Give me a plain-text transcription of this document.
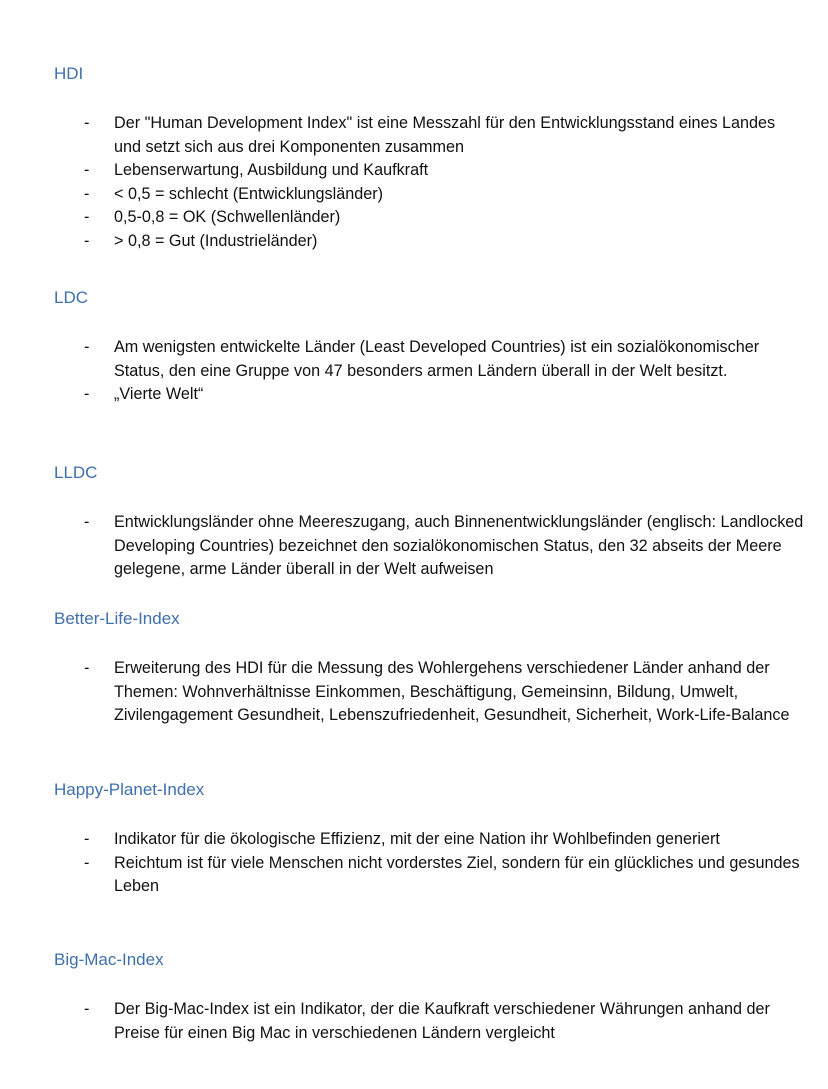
HDI
- Der "Human Development Index" ist eine Messzahl für den Entwicklungsstand eines Landes und setzt sich aus drei Komponenten zusammen
- Lebenserwartung, Ausbildung und Kaufkraft
- < 0,5 = schlecht (Entwicklungsländer)
- 0,5-0,8 = OK (Schwellenländer)
- > 0,8 = Gut (Industrieländer)
LDC
- Am wenigsten entwickelte Länder (Least Developed Countries) ist ein sozialökonomischer Status, den eine Gruppe von 47 besonders armen Ländern überall in der Welt besitzt.
- „Vierte Welt“
LLDC
- Entwicklungsländer ohne Meereszugang, auch Binnenentwicklungsländer (englisch: Landlocked Developing Countries) bezeichnet den sozialökonomischen Status, den 32 abseits der Meere gelegene, arme Länder überall in der Welt aufweisen
Better-Life-Index
- Erweiterung des HDI für die Messung des Wohlergehens verschiedener Länder anhand der Themen: Wohnverhältnisse Einkommen, Beschäftigung, Gemeinsinn, Bildung, Umwelt, Zivilengagement Gesundheit, Lebenszufriedenheit, Gesundheit, Sicherheit, Work-Life-Balance
Happy-Planet-Index
- Indikator für die ökologische Effizienz, mit der eine Nation ihr Wohlbefinden generiert
- Reichtum ist für viele Menschen nicht vorderstes Ziel, sondern für ein glückliches und gesundes Leben
Big-Mac-Index
- Der Big-Mac-Index ist ein Indikator, der die Kaufkraft verschiedener Währungen anhand der Preise für einen Big Mac in verschiedenen Ländern vergleicht
